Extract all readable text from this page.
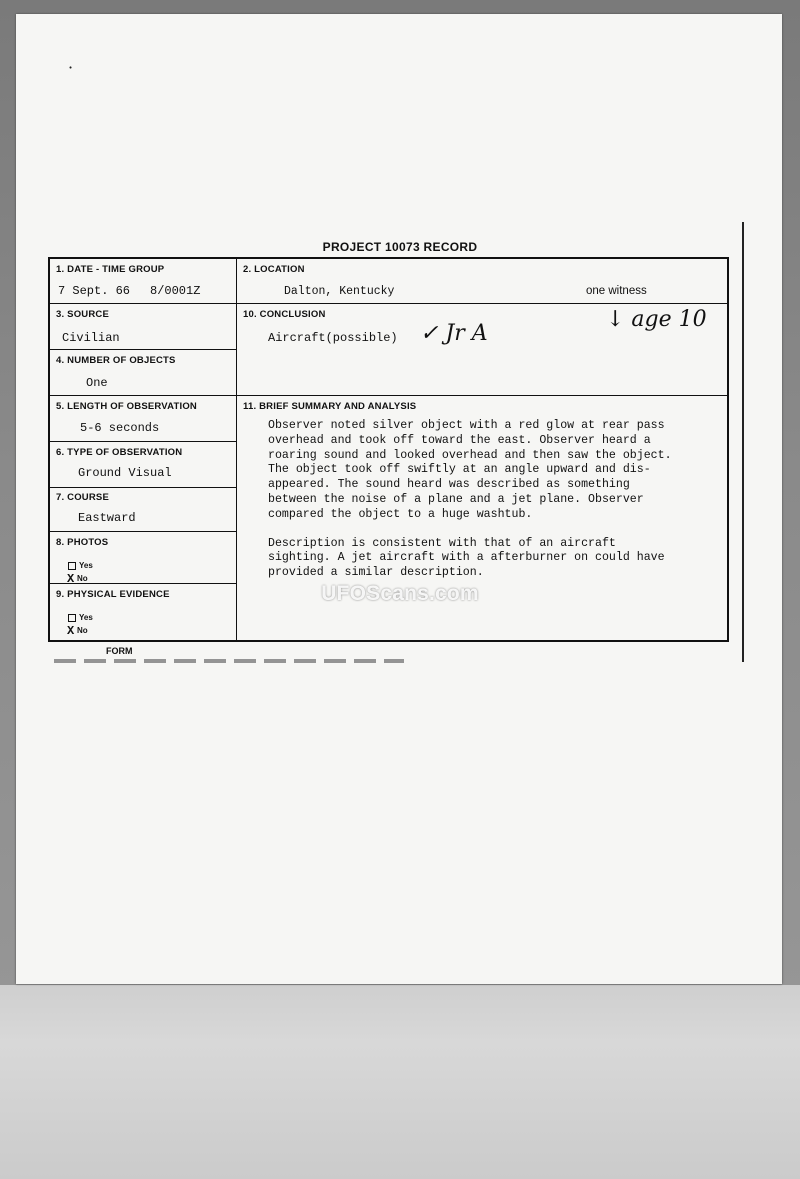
·
PROJECT 10073 RECORD
1. DATE - TIME GROUP
7 Sept. 66 8/0001Z
2. LOCATION
Dalton, Kentucky	one witness
3. SOURCE
Civilian
10. CONCLUSION
Aircraft(possible) ✓ Jr A
↓ age 10
4. NUMBER OF OBJECTS
One
5. LENGTH OF OBSERVATION
5-6 seconds
11. BRIEF SUMMARY AND ANALYSIS

Observer noted silver object with a red glow at rear pass

overhead and took off toward the east. Observer heard a

roaring sound and looked overhead and then saw the object.

The object took off swiftly at an angle upward and dis-

appeared. The sound heard was described as something

between the noise of a plane and a jet plane. Observer

compared the object to a huge washtub.

Description is consistent with that of an aircraft

sighting. A jet aircraft with a afterburner on could have

provided a similar description.

6. TYPE OF OBSERVATION
Ground Visual
7. COURSE
Eastward
8. PHOTOS
Yes
X No
9. PHYSICAL EVIDENCE
Yes
X No
UFOScans.com
FORM
